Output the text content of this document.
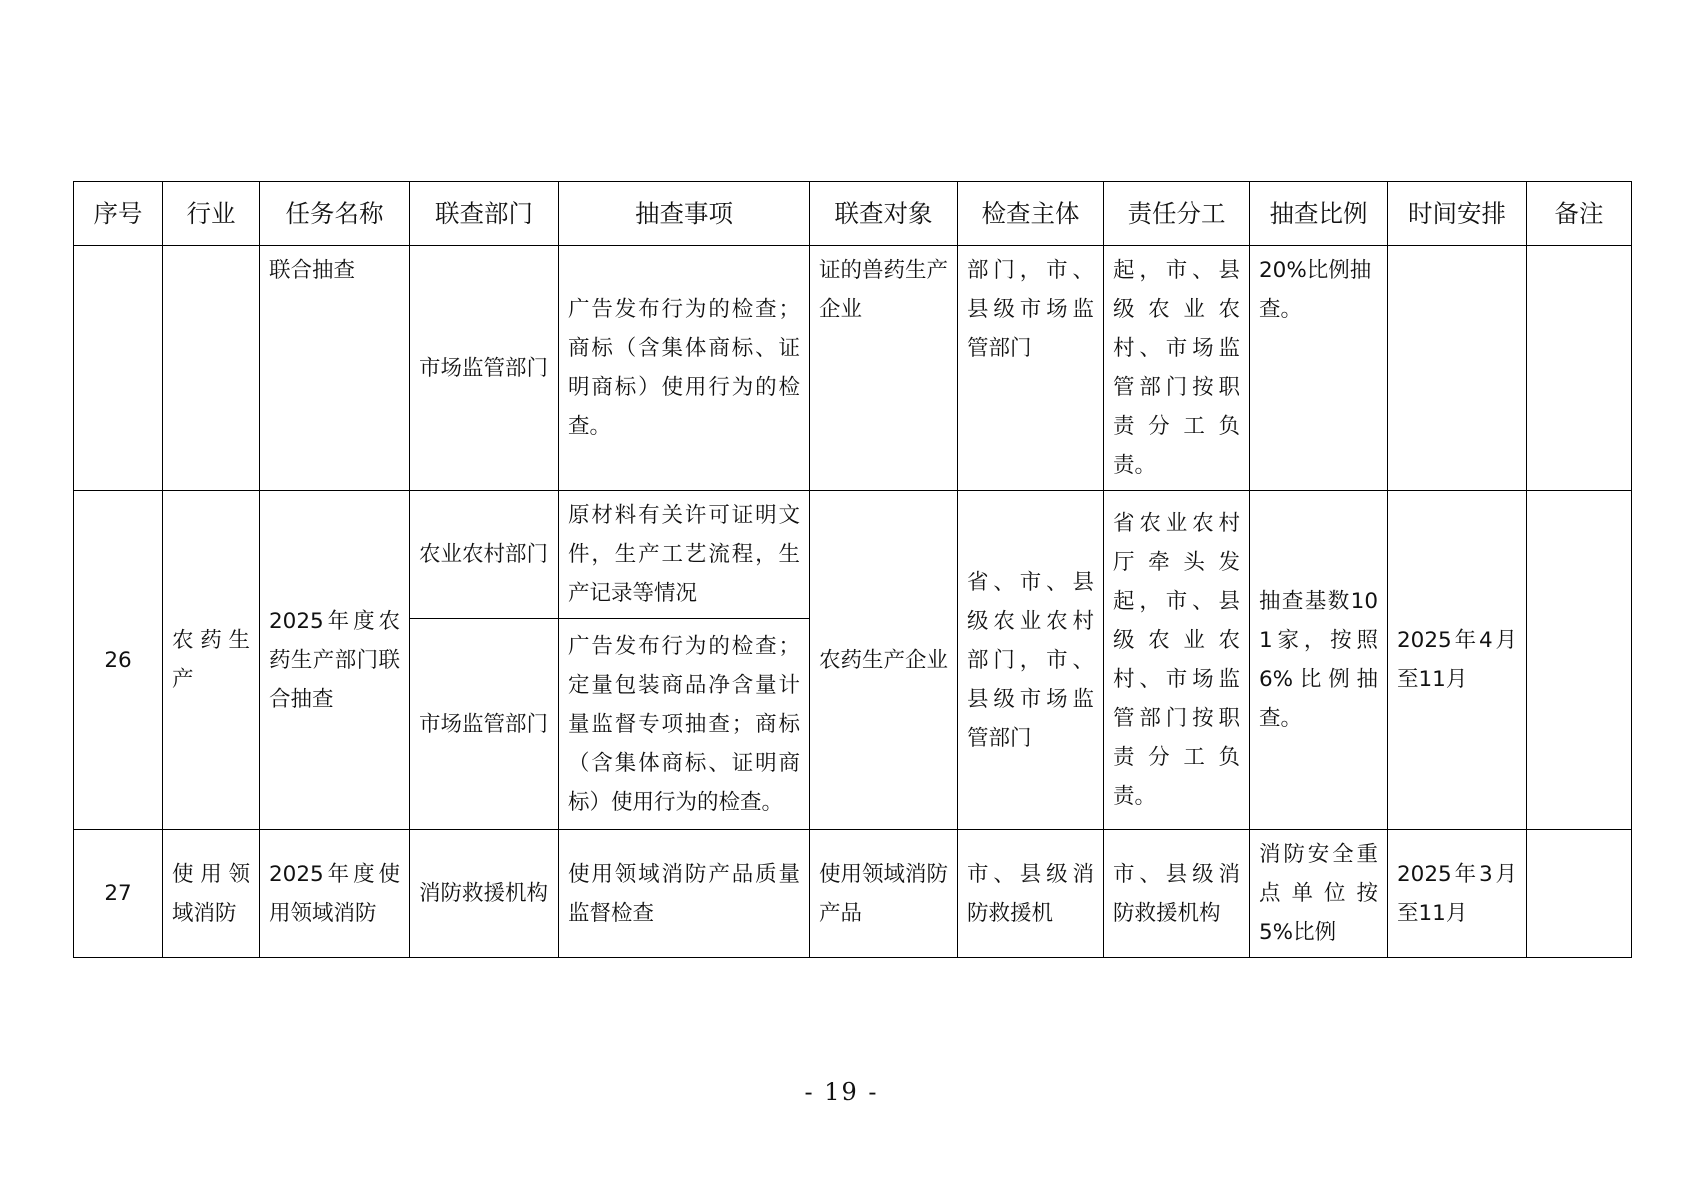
序号	行业	任务名称	联查部门	抽查事项	联查对象	检查主体	责任分工	抽查比例	时间安排	备注
		联合抽查	市场监管部门	广告发布行为的检查；商标（含集体商标、证明商标）使用行为的检查。	证的兽药生产企业	部门，市、县级市场监管部门	起，市、县级农业农村、市场监管部门按职责分工负责。	20%比例抽查。		
26	农药生产	2025年度农药生产部门联合抽查	农业农村部门	原材料有关许可证明文件，生产工艺流程，生产记录等情况	农药生产企业	省、市、县级农业农村部门，市、县级市场监管部门	省农业农村厅牵头发起，市、县级农业农村、市场监管部门按职责分工负责。	抽查基数101家，按照6%比例抽查。	2025年4月至11月	
			市场监管部门	广告发布行为的检查；定量包装商品净含量计量监督专项抽查；商标（含集体商标、证明商标）使用行为的检查。						
27	使用领域消防	2025年度使用领域消防	消防救援机构	使用领域消防产品质量监督检查	使用领域消防产品	市、县级消防救援机	市、县级消防救援机构	消防安全重点单位按5%比例	2025年3月至11月	
- 19 -
